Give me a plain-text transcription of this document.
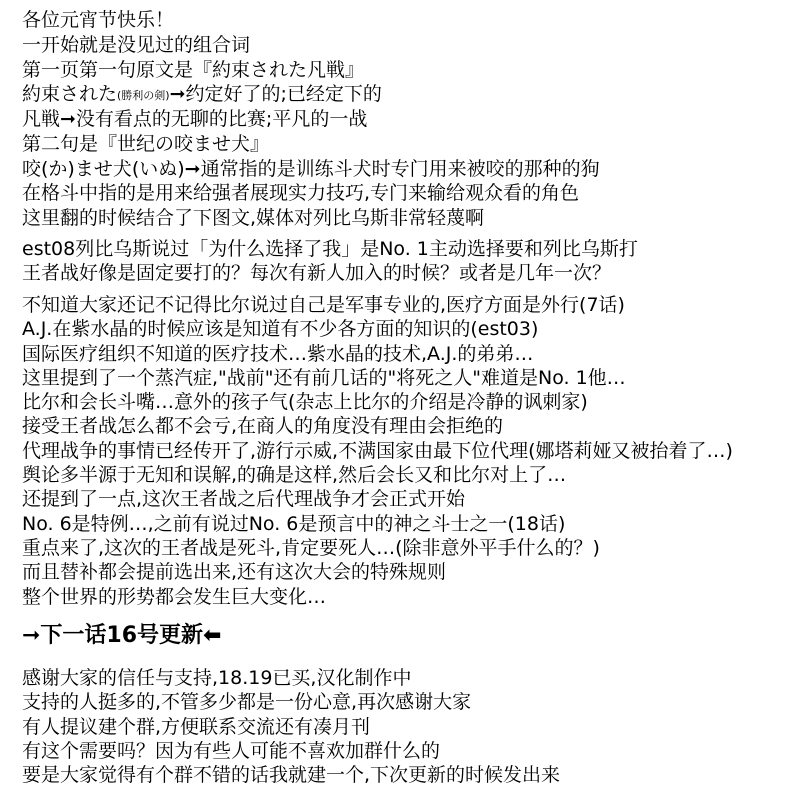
各位元宵节快乐！
一开始就是没见过的组合词
第一页第一句原文是『約束された凡戦』
約束された(勝利の剣)➞约定好了的;已经定下的
凡戦➞没有看点的无聊的比赛;平凡的一战
第二句是『世纪の咬ませ犬』
咬(か)ませ犬(いぬ)➞通常指的是训练斗犬时专门用来被咬的那种的狗
在格斗中指的是用来给强者展现实力技巧,专门来输给观众看的角色
这里翻的时候结合了下图文,媒体对列比乌斯非常轻蔑啊
est08列比乌斯说过「为什么选择了我」是No. 1主动选择要和列比乌斯打
王者战好像是固定要打的？每次有新人加入的时候？或者是几年一次？
不知道大家还记不记得比尔说过自己是军事专业的,医疗方面是外行(7话)
A.J.在紫水晶的时候应该是知道有不少各方面的知识的(est03)
国际医疗组织不知道的医疗技术…紫水晶的技术,A.J.的弟弟…
这里提到了一个蒸汽症,"战前"还有前几话的"将死之人"难道是No. 1他…
比尔和会长斗嘴…意外的孩子气(杂志上比尔的介绍是冷静的讽刺家)
接受王者战怎么都不会亏,在商人的角度没有理由会拒绝的
代理战争的事情已经传开了,游行示威,不满国家由最下位代理(娜塔莉娅又被抬着了…)
舆论多半源于无知和误解,的确是这样,然后会长又和比尔对上了…
还提到了一点,这次王者战之后代理战争才会正式开始
No. 6是特例…,之前有说过No. 6是预言中的神之斗士之一(18话)
重点来了,这次的王者战是死斗,肯定要死人…(除非意外平手什么的？)
而且替补都会提前选出来,还有这次大会的特殊规则
整个世界的形势都会发生巨大变化…
➞下一话16号更新⬅
感谢大家的信任与支持,18.19已买,汉化制作中
支持的人挺多的,不管多少都是一份心意,再次感谢大家
有人提议建个群,方便联系交流还有凑月刊
有这个需要吗？因为有些人可能不喜欢加群什么的
要是大家觉得有个群不错的话我就建一个,下次更新的时候发出来
